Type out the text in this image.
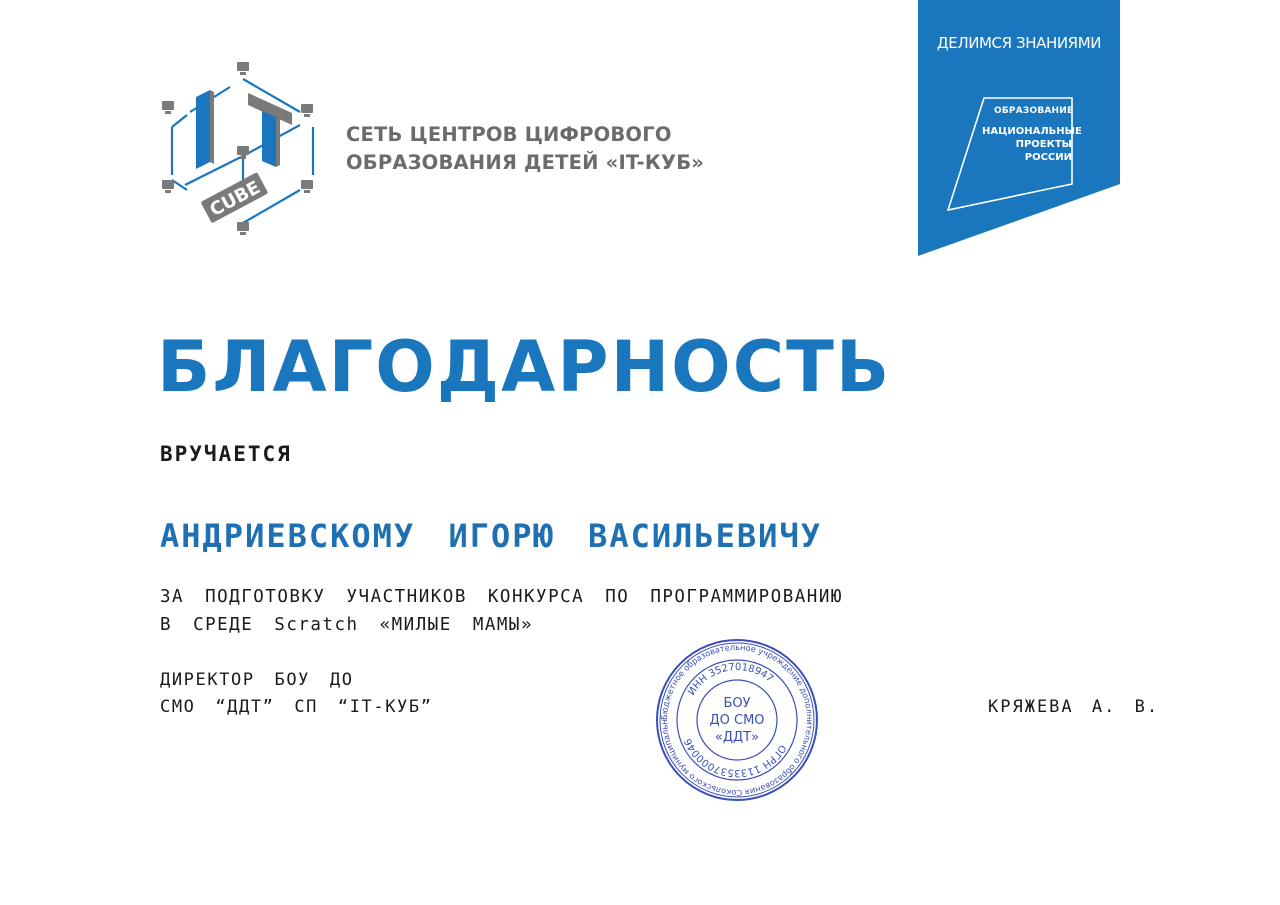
CUBE
СЕТЬ ЦЕНТРОВ ЦИФРОВОГО
ОБРАЗОВАНИЯ ДЕТЕЙ «IT-КУБ»
ДЕЛИМСЯ ЗНАНИЯМИ
ОБРАЗОВАНИЕ
НАЦИОНАЛЬНЫЕ
ПРОЕКТЫ
РОССИИ
БЛАГОДАРНОСТЬ
ВРУЧАЕТСЯ
АНДРИЕВСКОМУ ИГОРЮ ВАСИЛЬЕВИЧУ
ЗА ПОДГОТОВКУ УЧАСТНИКОВ КОНКУРСА ПО ПРОГРАММИРОВАНИЮ
В СРЕДЕ Scratch «МИЛЫЕ МАМЫ»
ДИРЕКТОР БОУ ДО
СМО “ДДТ” СП “IT-КУБ”	КРЯЖЕВА А. В.
Бюджетное образовательное учреждение дополнительного образования Сокольского муниципальн
ИНН 3527018947
ОГРН 1133537000046
БОУ
ДО СМО
«ДДТ»
